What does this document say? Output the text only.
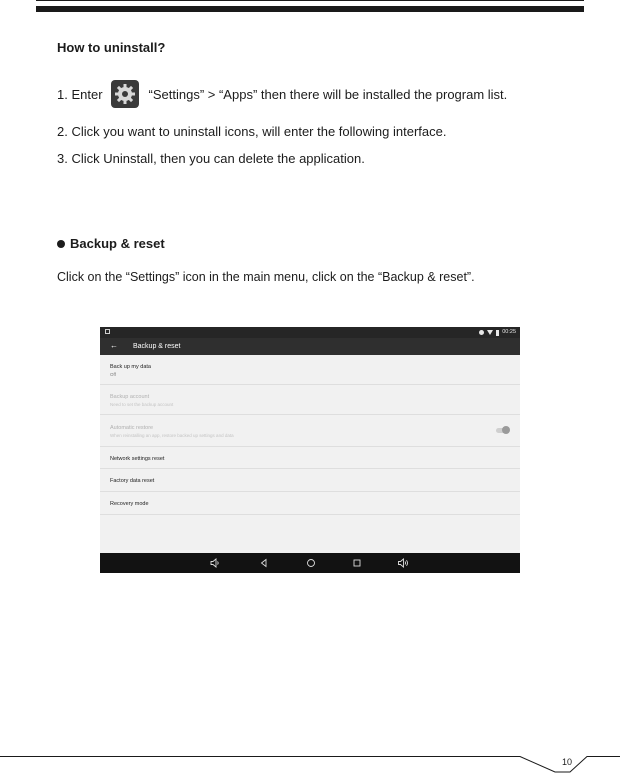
How to uninstall?
1. Enter	“Settings” > “Apps” then there will be installed the program list.
2. Click you want to uninstall icons, will enter the following interface.
3. Click Uninstall, then you can delete the application.
Backup & reset
Click on the “Settings” icon in the main menu, click on the “Backup & reset”.
00:25
← Backup & reset
Back up my data
Off
Backup account
Need to set the backup account
Automatic restore
When reinstalling an app, restore backed up settings and data
Network settings reset
Factory data reset
Recovery mode
10
